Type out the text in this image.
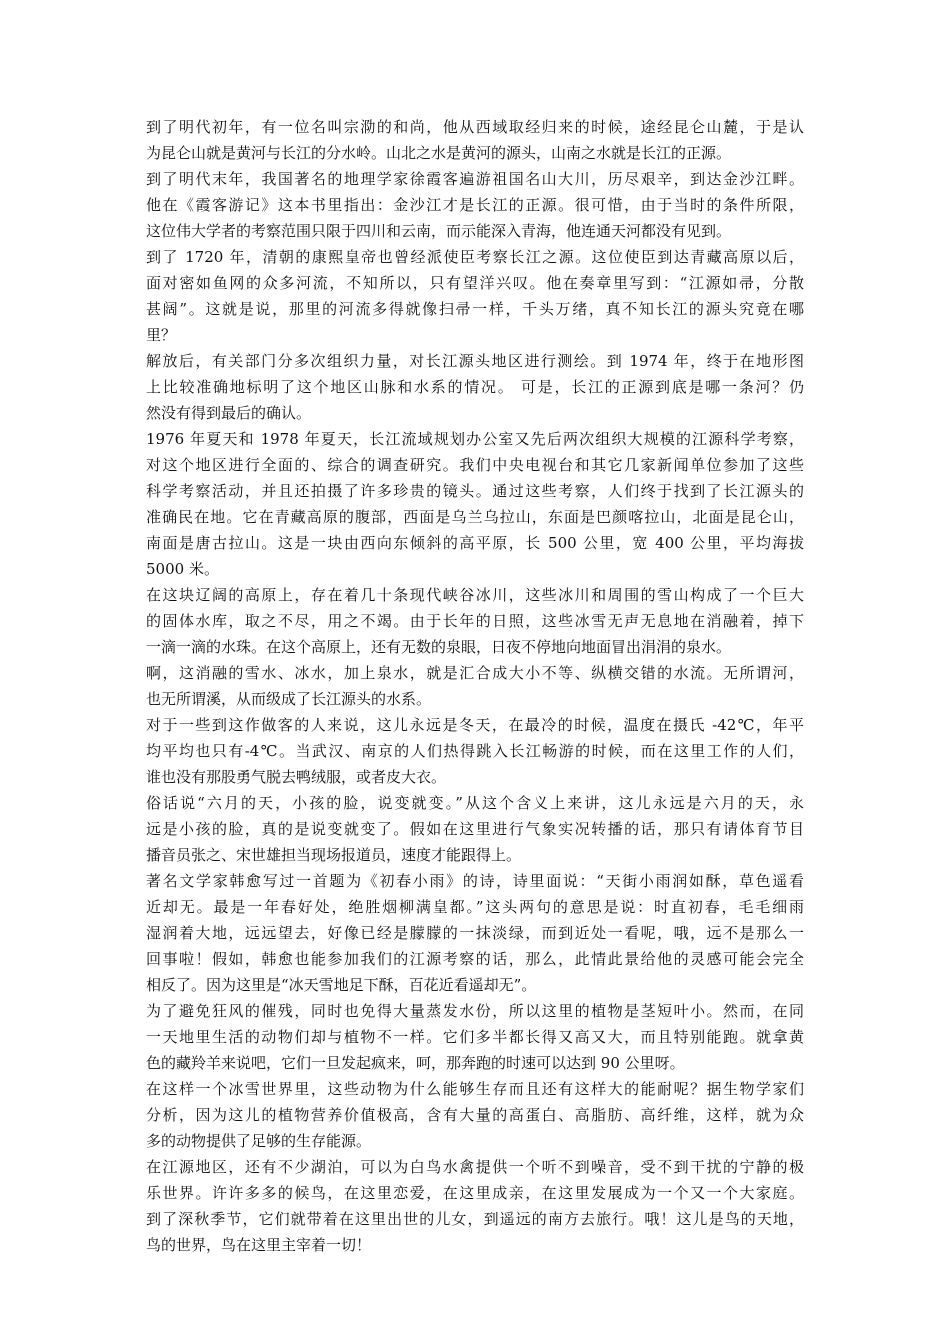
到了明代初年，有一位名叫宗泐的和尚，他从西域取经归来的时候，途经昆仑山麓，于是认
为昆仑山就是黄河与长江的分水岭。山北之水是黄河的源头，山南之水就是长江的正源。
到了明代末年，我国著名的地理学家徐霞客遍游祖国名山大川，历尽艰辛，到达金沙江畔。
他在《霞客游记》这本书里指出：金沙江才是长江的正源。很可惜，由于当时的条件所限，
这位伟大学者的考察范围只限于四川和云南，而示能深入青海，他连通天河都没有见到。
到了 1720 年，清朝的康熙皇帝也曾经派使臣考察长江之源。这位使臣到达青藏高原以后，
面对密如鱼网的众多河流，不知所以，只有望洋兴叹。他在奏章里写到：“江源如帚，分散
甚阔”。这就是说，那里的河流多得就像扫帚一样，千头万绪，真不知长江的源头究竟在哪
里？
解放后，有关部门分多次组织力量，对长江源头地区进行测绘。到 1974 年，终于在地形图
上比较准确地标明了这个地区山脉和水系的情况。 可是，长江的正源到底是哪一条河？仍
然没有得到最后的确认。
1976 年夏天和 1978 年夏天，长江流域规划办公室又先后两次组织大规模的江源科学考察，
对这个地区进行全面的、综合的调查研究。我们中央电视台和其它几家新闻单位参加了这些
科学考察活动，并且还拍摄了许多珍贵的镜头。通过这些考察，人们终于找到了长江源头的
准确民在地。它在青藏高原的腹部，西面是乌兰乌拉山，东面是巴颜喀拉山，北面是昆仑山，
南面是唐古拉山。这是一块由西向东倾斜的高平原，长 500 公里，宽 400 公里，平均海拔
5000 米。
在这块辽阔的高原上，存在着几十条现代峡谷冰川，这些冰川和周围的雪山构成了一个巨大
的固体水库，取之不尽，用之不竭。由于长年的日照，这些冰雪无声无息地在消融着，掉下
一滴一滴的水珠。在这个高原上，还有无数的泉眼，日夜不停地向地面冒出涓涓的泉水。
啊，这消融的雪水、冰水，加上泉水，就是汇合成大小不等、纵横交错的水流。无所谓河，
也无所谓溪，从而级成了长江源头的水系。
对于一些到这作做客的人来说，这儿永远是冬天，在最冷的时候，温度在摄氏 -42℃，年平
均平均也只有-4℃。当武汉、南京的人们热得跳入长江畅游的时候，而在这里工作的人们，
谁也没有那股勇气脱去鸭绒服，或者皮大衣。
俗话说“六月的天，小孩的脸，说变就变。”从这个含义上来讲，这儿永远是六月的天，永
远是小孩的脸，真的是说变就变了。假如在这里进行气象实况转播的话，那只有请体育节目
播音员张之、宋世雄担当现场报道员，速度才能跟得上。
著名文学家韩愈写过一首题为《初春小雨》的诗，诗里面说：“天街小雨润如酥，草色遥看
近却无。最是一年春好处，绝胜烟柳满皇都。”这头两句的意思是说：时直初春，毛毛细雨
湿润着大地，远远望去，好像已经是朦朦的一抹淡绿，而到近处一看呢，哦，远不是那么一
回事啦！假如，韩愈也能参加我们的江源考察的话，那么，此情此景给他的灵感可能会完全
相反了。因为这里是“冰天雪地足下酥，百花近看遥却无”。
为了避免狂风的催残，同时也免得大量蒸发水份，所以这里的植物是茎短叶小。然而，在同
一天地里生活的动物们却与植物不一样。它们多半都长得又高又大，而且特别能跑。就拿黄
色的藏羚羊来说吧，它们一旦发起疯来，呵，那奔跑的时速可以达到 90 公里呀。
在这样一个冰雪世界里，这些动物为什么能够生存而且还有这样大的能耐呢？据生物学家们
分析，因为这儿的植物营养价值极高，含有大量的高蛋白、高脂肪、高纤维，这样，就为众
多的动物提供了足够的生存能源。
在江源地区，还有不少湖泊，可以为白鸟水禽提供一个听不到噪音，受不到干扰的宁静的极
乐世界。许许多多的候鸟，在这里恋爱，在这里成亲，在这里发展成为一个又一个大家庭。
到了深秋季节，它们就带着在这里出世的儿女，到遥远的南方去旅行。哦！这儿是鸟的天地，
鸟的世界，鸟在这里主宰着一切！
